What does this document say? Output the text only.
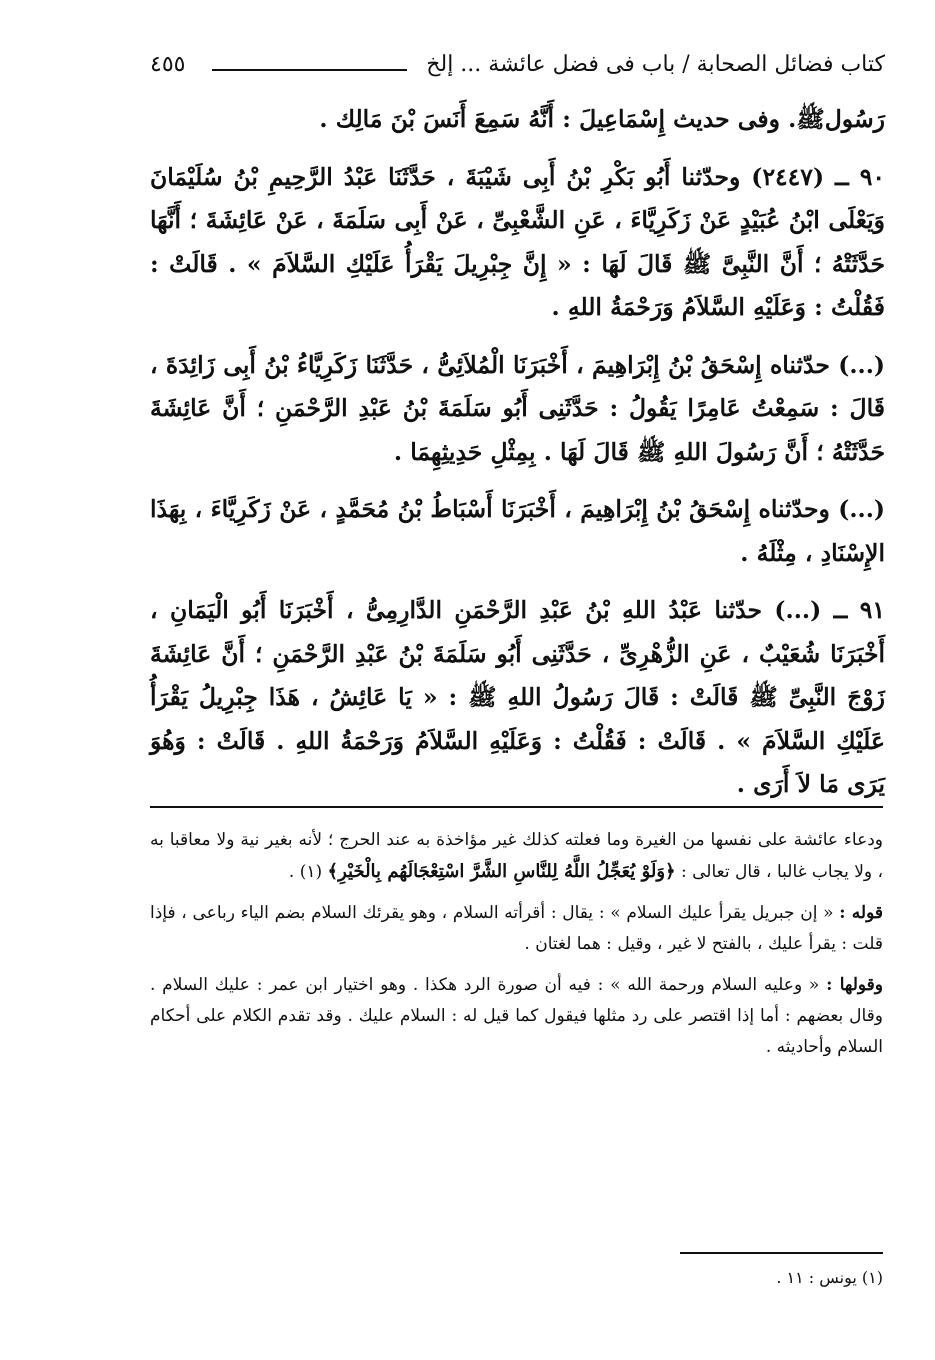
كتاب فضائل الصحابة / باب فى فضل عائشة ... إلخ
٤٥٥

رَسُولﷺ. وفى حديث إِسْمَاعِيلَ : أَنَّهُ سَمِعَ أَنَسَ بْنَ مَالِك .

٩٠ ــ (٢٤٤٧) وحدّثنا أَبُو بَكْرِ بْنُ أَبِى شَيْبَةَ ، حَدَّثَنَا عَبْدُ الرَّحِيمِ بْنُ سُلَيْمَانَ وَيَعْلَى ابْنُ عُبَيْدٍ عَنْ زَكَرِيَّاءَ ، عَنِ الشَّعْبِىِّ ، عَنْ أَبِى سَلَمَةَ ، عَنْ عَائِشَةَ ؛ أَنَّهَا حَدَّثَتْهُ ؛ أَنَّ النَّبِىَّ ﷺ قَالَ لَهَا : « إِنَّ جِبْرِيلَ يَقْرَأُ عَلَيْكِ السَّلاَمَ » . قَالَتْ : فَقُلْتُ : وَعَلَيْهِ السَّلاَمُ وَرَحْمَةُ اللهِ .

(...) حدّثناه إِسْحَقُ بْنُ إِبْرَاهِيمَ ، أَخْبَرَنَا الْمُلاَئِىُّ ، حَدَّثَنَا زَكَرِيَّاءُ بْنُ أَبِى زَائِدَةَ ، قَالَ : سَمِعْتُ عَامِرًا يَقُولُ : حَدَّثَنِى أَبُو سَلَمَةَ بْنُ عَبْدِ الرَّحْمَنِ ؛ أَنَّ عَائِشَةَ حَدَّثَتْهُ ؛ أَنَّ رَسُولَ اللهِ ﷺ قَالَ لَهَا . بِمِثْلِ حَدِيثِهِمَا .

(...) وحدّثناه إِسْحَقُ بْنُ إِبْرَاهِيمَ ، أَخْبَرَنَا أَسْبَاطُ بْنُ مُحَمَّدٍ ، عَنْ زَكَرِيَّاءَ ، بِهَذَا الإِسْنَادِ ، مِثْلَهُ .

٩١ ــ (...) حدّثنا عَبْدُ اللهِ بْنُ عَبْدِ الرَّحْمَنِ الدَّارِمِىُّ ، أَخْبَرَنَا أَبُو الْيَمَانِ ، أَخْبَرَنَا شُعَيْبٌ ، عَنِ الزُّهْرِىِّ ، حَدَّثَنِى أَبُو سَلَمَةَ بْنُ عَبْدِ الرَّحْمَنِ ؛ أَنَّ عَائِشَةَ زَوْجَ النَّبِىِّ ﷺ قَالَتْ : قَالَ رَسُولُ اللهِ ﷺ : « يَا عَائِشُ ، هَذَا جِبْرِيلُ يَقْرَأُ عَلَيْكِ السَّلاَمَ » . قَالَتْ : فَقُلْتُ : وَعَلَيْهِ السَّلاَمُ وَرَحْمَةُ اللهِ . قَالَتْ : وَهُوَ يَرَى مَا لاَ أَرَى .

ودعاء عائشة على نفسها من الغيرة وما فعلته كذلك غير مؤاخذة به عند الحرج ؛ لأنه بغير نية ولا معاقبا به ، ولا يجاب غالبا ، قال تعالى : ﴿وَلَوْ يُعَجِّلُ اللَّهُ لِلنَّاسِ الشَّرَّ اسْتِعْجَالَهُم بِالْخَيْرِ﴾ (١) .

قوله : « إن جبريل يقرأ عليك السلام » : يقال : أقرأته السلام ، وهو يقرئك السلام بضم الياء رباعى ، فإذا قلت : يقرأ عليك ، بالفتح لا غير ، وقيل : هما لغتان .

وقولها : « وعليه السلام ورحمة الله » : فيه أن صورة الرد هكذا . وهو اختيار ابن عمر : عليك السلام . وقال بعضهم : أما إذا اقتصر على رد مثلها فيقول كما قيل له : السلام عليك . وقد تقدم الكلام على أحكام السلام وأحاديثه .

(١) يونس : ١١ .
